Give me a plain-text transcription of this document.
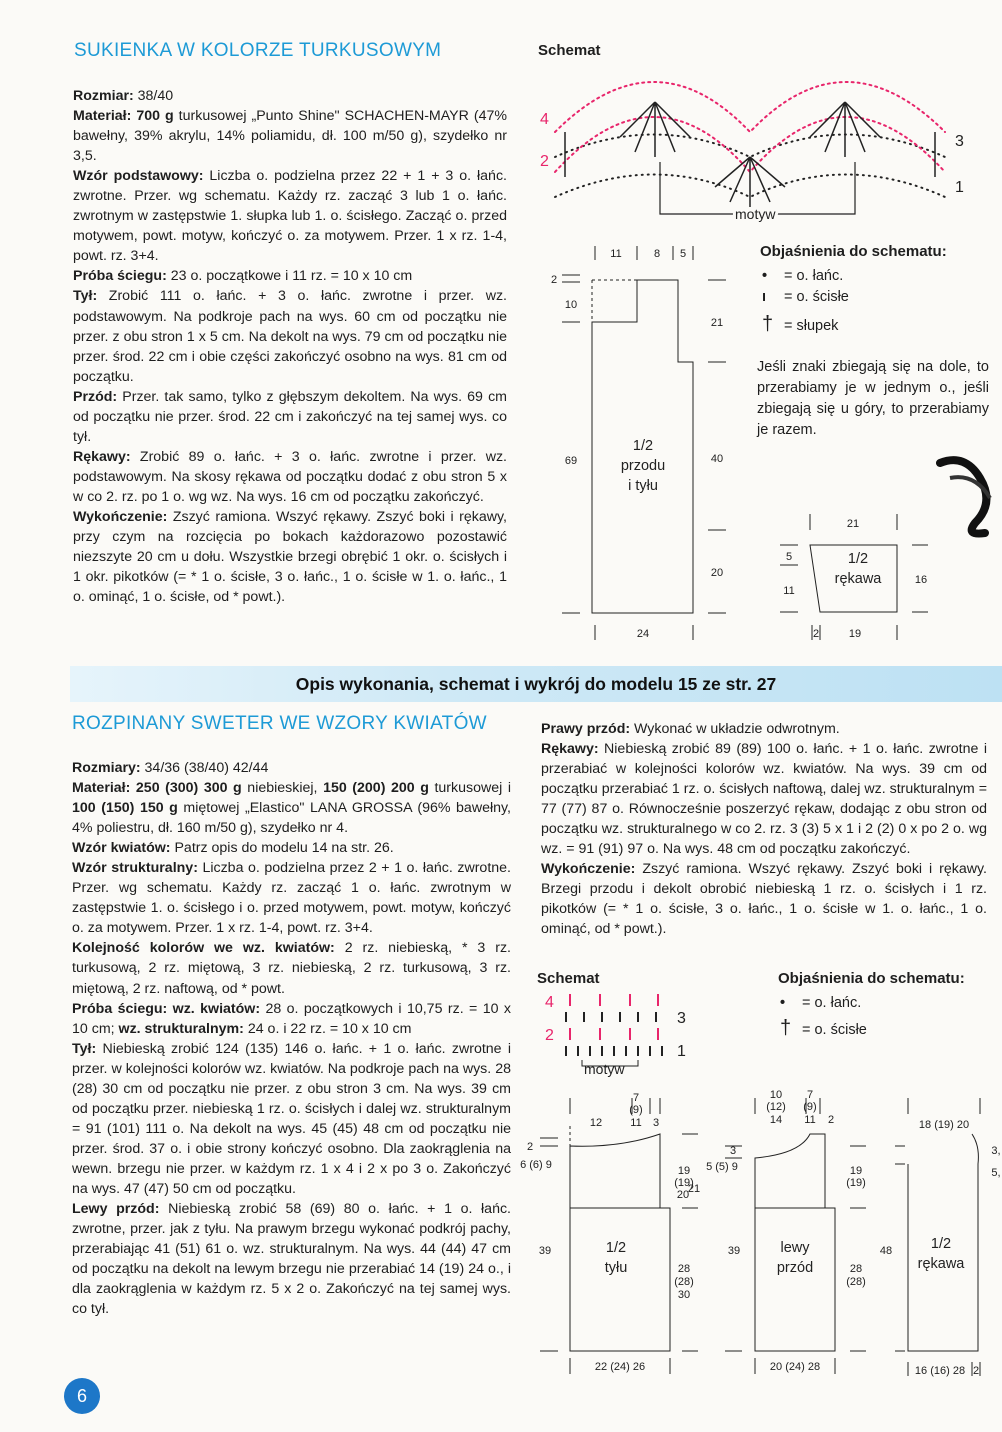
SUKIENKA W KOLORZE TURKUSOWYM

Rozmiar: 38/40

Materiał: 700 g turkusowej „Punto Shine" SCHACHEN-MAYR (47% bawełny, 39% akrylu, 14% poliamidu, dł. 100 m/50 g), szydełko nr 3,5.

Wzór podstawowy: Liczba o. podzielna przez 22 + 1 + 3 o. łańc. zwrotne. Przer. wg schematu. Każdy rz. zacząć 3 lub 1 o. łańc. zwrotnym w zastępstwie 1. słupka lub 1. o. ścisłego. Zacząć o. przed motywem, powt. motyw, kończyć o. za motywem. Przer. 1 x rz. 1-4, powt. rz. 3+4.

Próba ściegu: 23 o. początkowe i 11 rz. = 10 x 10 cm

Tył: Zrobić 111 o. łańc. + 3 o. łańc. zwrotne i przer. wz. podstawowym. Na podkroje pach na wys. 60 cm od początku nie przer. z obu stron 1 x 5 cm. Na dekolt na wys. 79 cm od początku nie przer. środ. 22 cm i obie części zakończyć osobno na wys. 81 cm od początku.

Przód: Przer. tak samo, tylko z głębszym dekoltem. Na wys. 69 cm od początku nie przer. środ. 22 cm i zakończyć na tej samej wys. co tył.

Rękawy: Zrobić 89 o. łańc. + 3 o. łańc. zwrotne i przer. wz. podstawowym. Na skosy rękawa od początku dodać z obu stron 5 x w co 2. rz. po 1 o. wg wz. Na wys. 16 cm od początku zakończyć.

Wykończenie: Zszyć ramiona. Wszyć rękawy. Zszyć boki i rękawy, przy czym na rozcięcia po bokach każdorazowo pozostawić niezszyte 20 cm u dołu. Wszystkie brzegi obrębić 1 okr. o. ścisłych i 1 okr. pikotków (= * 1 o. ścisłe, 3 o. łańc., 1 o. ścisłe w 1. o. łańc., 1 o. ominąć, 1 o. ścisłe, od * powt.).

Schemat
4
2
3
1
motyw
Objaśnienia do schematu:
• = o. łańc.
ı = o. ścisłe
† = słupek
Jeśli znaki zbiegają się na dole, to przerabiamy je w jednym o., jeśli zbiegają się u góry, to przerabiamy je razem.
11	8 5
2
10
69
21
40
20
24
21
5
11
16
2	19
1/2
przodu
i tyłu
1/2
rękawa
Opis wykonania, schemat i wykrój do modelu 15 ze str. 27
ROZPINANY SWETER WE WZORY KWIATÓW

Rozmiary: 34/36 (38/40) 42/44

Materiał: 250 (300) 300 g niebieskiej, 150 (200) 200 g turkusowej i 100 (150) 150 g miętowej „Elastico" LANA GROSSA (96% bawełny, 4% poliestru, dł. 160 m/50 g), szydełko nr 4.

Wzór kwiatów: Patrz opis do modelu 14 na str. 26.

Wzór strukturalny: Liczba o. podzielna przez 2 + 1 o. łańc. zwrotne. Przer. wg schematu. Każdy rz. zacząć 1 o. łańc. zwrotnym w zastępstwie 1. o. ścisłego i o. przed motywem, powt. motyw, kończyć o. za motywem. Przer. 1 x rz. 1-4, powt. rz. 3+4.

Kolejność kolorów we wz. kwiatów: 2 rz. niebieską, * 3 rz. turkusową, 2 rz. miętową, 3 rz. niebieską, 2 rz. turkusową, 3 rz. miętową, 2 rz. naftową, od * powt.

Próba ściegu: wz. kwiatów: 28 o. początkowych i 10,75 rz. = 10 x 10 cm; wz. strukturalnym: 24 o. i 22 rz. = 10 x 10 cm

Tył: Niebieską zrobić 124 (135) 146 o. łańc. + 1 o. łańc. zwrotne i przer. w kolejności kolorów wz. kwiatów. Na podkroje pach na wys. 28 (28) 30 cm od początku nie przer. z obu stron 3 cm. Na wys. 39 cm od początku przer. niebieską 1 rz. o. ścisłych i dalej wz. strukturalnym = 91 (101) 111 o. Na dekolt na wys. 45 (45) 48 cm od początku nie przer. środ. 37 o. i obie strony kończyć osobno. Dla zaokrąglenia na wewn. brzegu nie przer. w każdym rz. 1 x 4 i 2 x po 3 o. Zakończyć na wys. 47 (47) 50 cm od początku.

Lewy przód: Niebieską zrobić 58 (69) 80 o. łańc. + 1 o. łańc. zwrotne, przer. jak z tyłu. Na prawym brzegu wykonać podkrój pachy, przerabiając 41 (51) 61 o. wz. strukturalnym. Na wys. 44 (44) 47 cm od początku na dekolt na lewym brzegu nie przerabiać 14 (19) 24 o., i dla zaokrąglenia w każdym rz. 5 x 2 o. Zakończyć na tej samej wys. co tył.

Prawy przód: Wykonać w układzie odwrotnym.

Rękawy: Niebieską zrobić 89 (89) 100 o. łańc. + 1 o. łańc. zwrotne i przerabiać w kolejności kolorów wz. kwiatów. Na wys. 39 cm od początku przerabiać 1 rz. o. ścisłych naftową, dalej wz. strukturalnym = 77 (77) 87 o. Równocześnie poszerzyć rękaw, dodając z obu stron od początku wz. strukturalnego w co 2. rz. 3 (3) 5 x 1 i 2 (2) 0 x po 2 o. wg wz. = 91 (91) 97 o. Na wys. 48 cm od początku zakończyć.

Wykończenie: Zszyć ramiona. Wszyć rękawy. Zszyć boki i rękawy. Brzegi przodu i dekolt obrobić niebieską 1 rz. o. ścisłych i 1 rz. pikotków (= * 1 o. ścisłe, 3 o. łańc., 1 o. ścisłe w 1. o. łańc., 1 o. ominąć, od * powt.).

Schemat
4
3
2
1
motyw
Objaśnienia do schematu:
• = o. łańc.
† = o. ścisłe
12
7
(9)
11 3
2
6 (6) 9
39
19
(19)
20
21
28
(28)
30
22 (24) 26
10
(12)
14
7
(9)
11 2
3
5 (5) 9
39
19
(19)
28
(28)
48
20 (24) 28
18 (19) 20
3,
5,
16 (16) 28 2
1/2
tyłu
lewy
przód
1/2
rękawa
6
